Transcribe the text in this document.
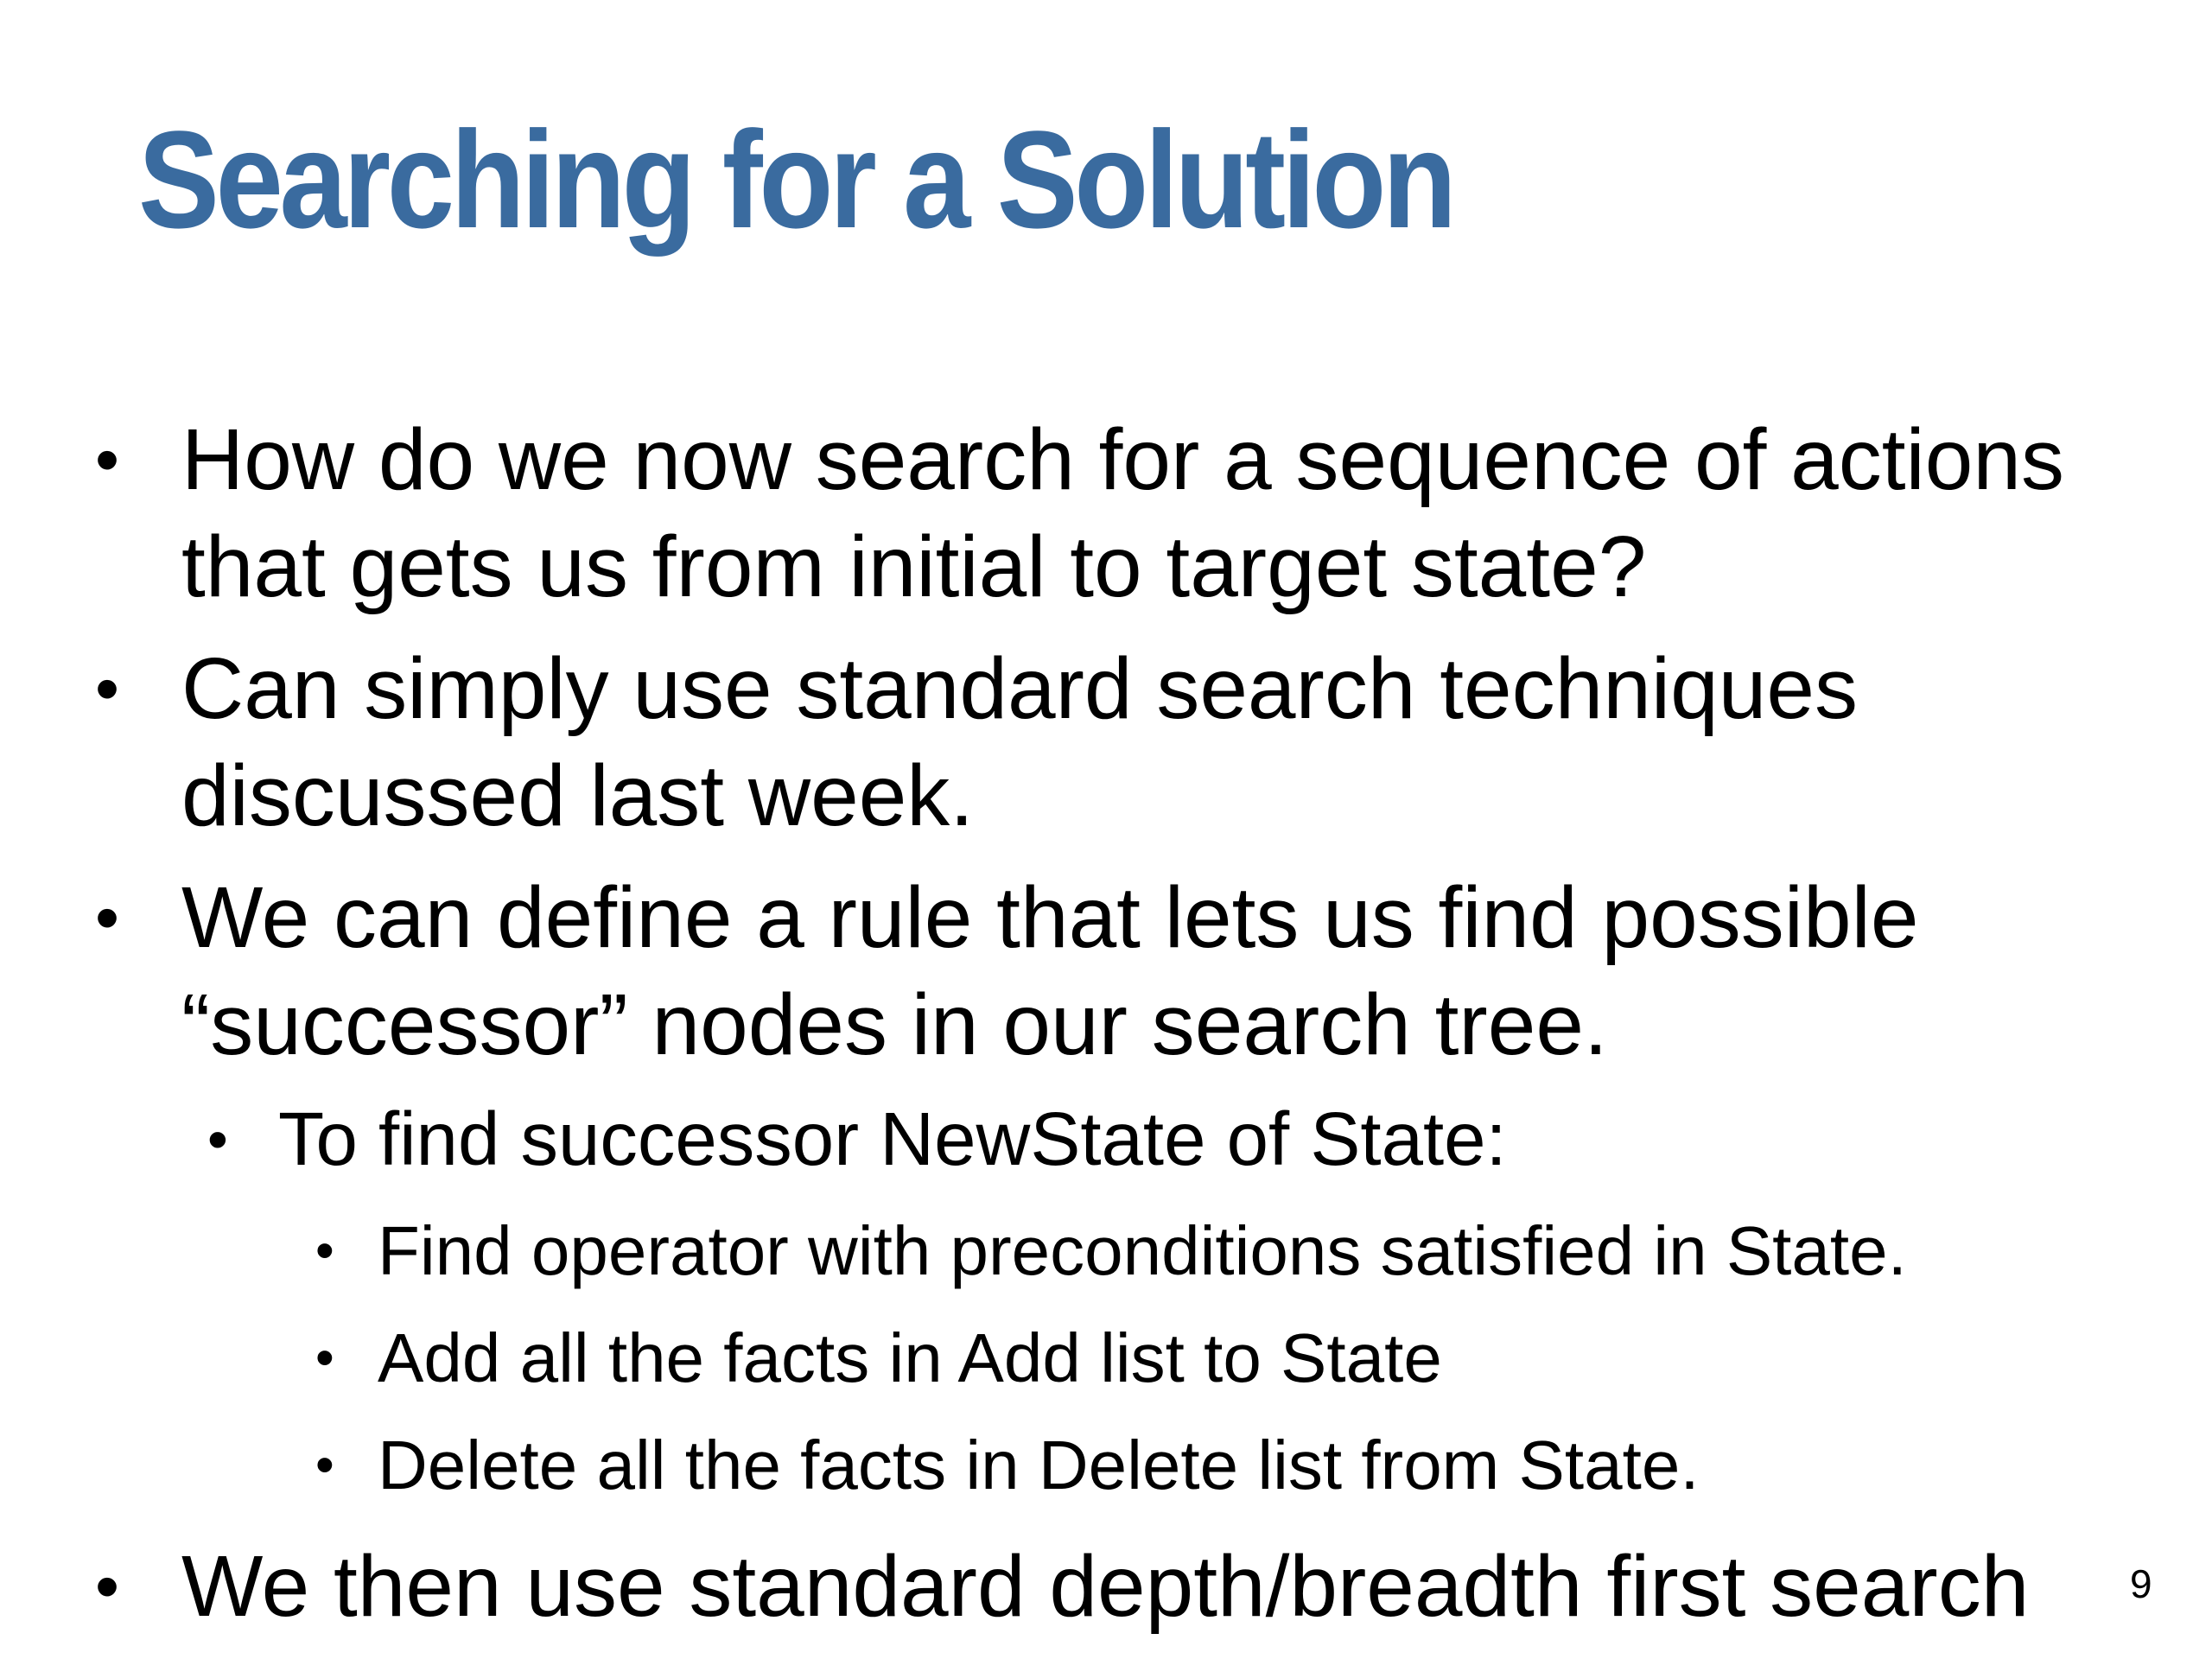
Searching for a Solution
• How do we now search for a sequence of actions
that gets us from initial to target state?
• Can simply use standard search techniques
discussed last week.
• We can define a rule that lets us find possible
“successor” nodes in our search tree.
• To find successor NewState of State:
• Find operator with preconditions satisfied in State.
• Add all the facts in Add list to State
• Delete all the facts in Delete list from State.
• We then use standard depth/breadth first search	9
